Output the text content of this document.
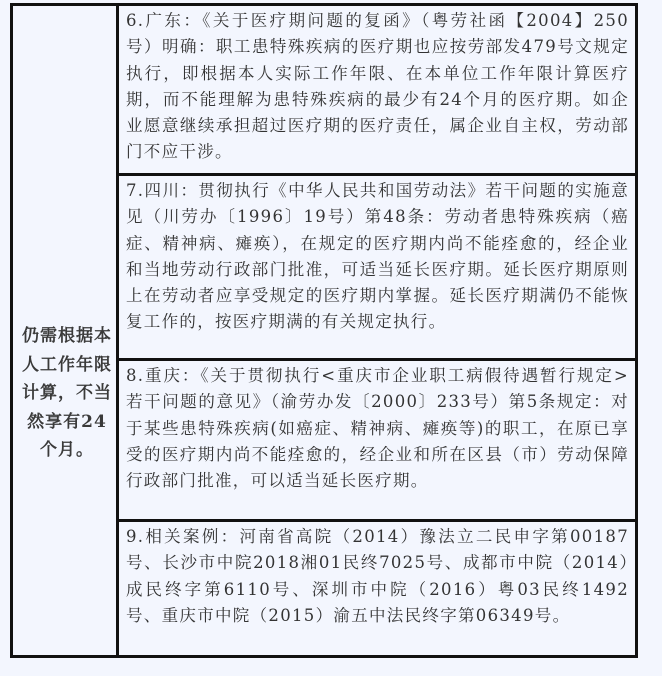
仍需根据本人工作年限计算，不当然享有24个月。
6.广东：《关于医疗期问题的复函》（粤劳社函【2004】250号）明确：职工患特殊疾病的医疗期也应按劳部发479号文规定执行，即根据本人实际工作年限、在本单位工作年限计算医疗期，而不能理解为患特殊疾病的最少有24个月的医疗期。如企业愿意继续承担超过医疗期的医疗责任，属企业自主权，劳动部门不应干涉。
7.四川：贯彻执行《中华人民共和国劳动法》若干问题的实施意见（川劳办〔1996〕19号）第48条：劳动者患特殊疾病（癌症、精神病、瘫痪），在规定的医疗期内尚不能痊愈的，经企业和当地劳动行政部门批准，可适当延长医疗期。延长医疗期原则上在劳动者应享受规定的医疗期内掌握。延长医疗期满仍不能恢复工作的，按医疗期满的有关规定执行。
8.重庆：《关于贯彻执行<重庆市企业职工病假待遇暂行规定>若干问题的意见》（渝劳办发〔2000〕233号）第5条规定：对于某些患特殊疾病(如癌症、精神病、瘫痪等)的职工，在原已享受的医疗期内尚不能痊愈的，经企业和所在区县（市）劳动保障行政部门批准，可以适当延长医疗期。
9.相关案例：河南省高院（2014）豫法立二民申字第00187号、长沙市中院2018湘01民终7025号、成都市中院（2014）成民终字第6110号、深圳市中院（2016）粤03民终1492号、重庆市中院（2015）渝五中法民终字第06349号。
